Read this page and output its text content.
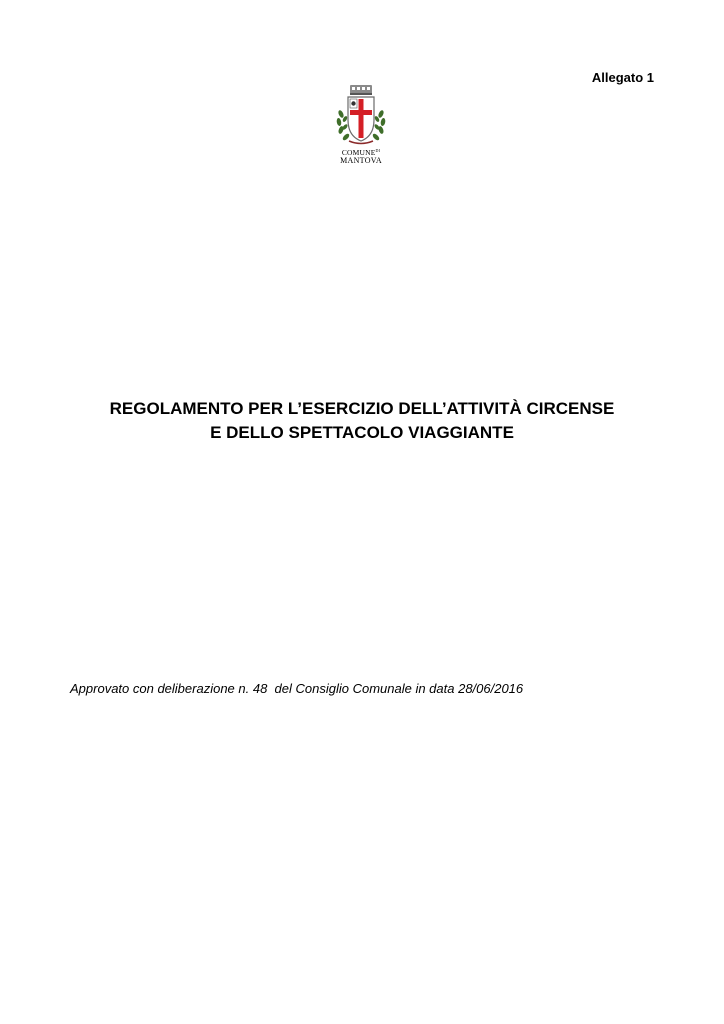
Allegato 1
$COMUNE^{DI}$
MANTOVA
REGOLAMENTO PER L’ESERCIZIO DELL’ATTIVITÀ CIRCENSE
E DELLO SPETTACOLO VIAGGIANTE
Approvato con deliberazione n. 48  del Consiglio Comunale in data 28/06/2016
